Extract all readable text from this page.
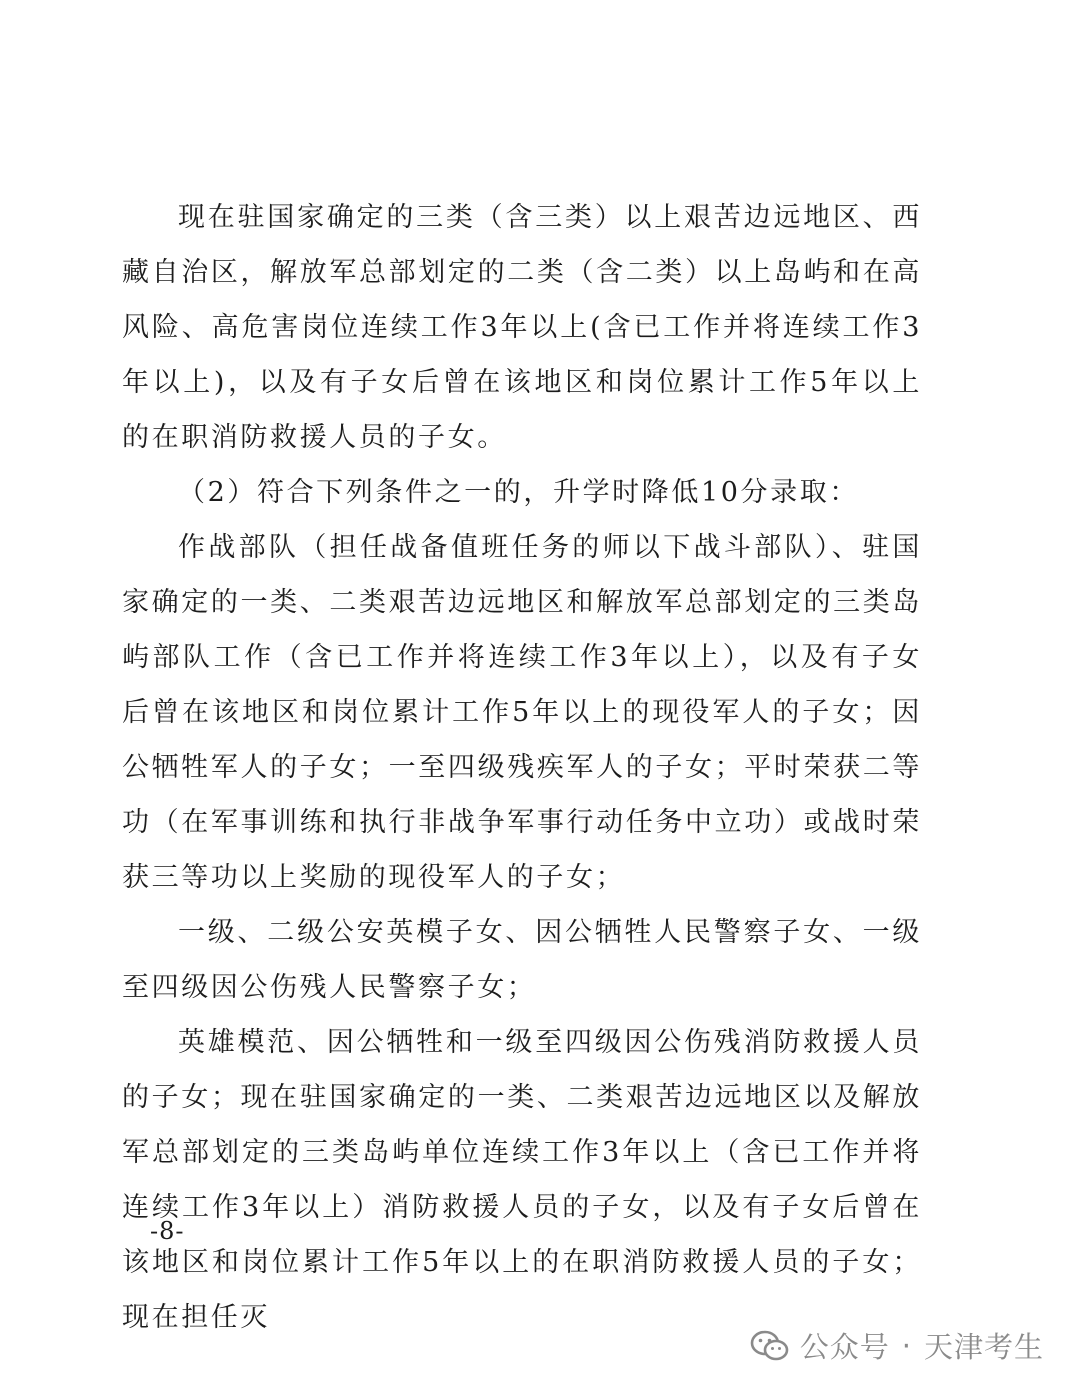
现在驻国家确定的三类（含三类）以上艰苦边远地区、西藏自治区，解放军总部划定的二类（含二类）以上岛屿和在高风险、高危害岗位连续工作3年以上(含已工作并将连续工作3年以上)，以及有子女后曾在该地区和岗位累计工作5年以上的在职消防救援人员的子女。

（2）符合下列条件之一的，升学时降低10分录取：

作战部队（担任战备值班任务的师以下战斗部队）、驻国家确定的一类、二类艰苦边远地区和解放军总部划定的三类岛屿部队工作（含已工作并将连续工作3年以上），以及有子女后曾在该地区和岗位累计工作5年以上的现役军人的子女；因公牺牲军人的子女；一至四级残疾军人的子女；平时荣获二等功（在军事训练和执行非战争军事行动任务中立功）或战时荣获三等功以上奖励的现役军人的子女；

一级、二级公安英模子女、因公牺牲人民警察子女、一级至四级因公伤残人民警察子女；

英雄模范、因公牺牲和一级至四级因公伤残消防救援人员的子女；现在驻国家确定的一类、二类艰苦边远地区以及解放军总部划定的三类岛屿单位连续工作3年以上（含已工作并将连续工作3年以上）消防救援人员的子女，以及有子女后曾在该地区和岗位累计工作5年以上的在职消防救援人员的子女；现在担任灭

-8-
公众号 · 天津考生
